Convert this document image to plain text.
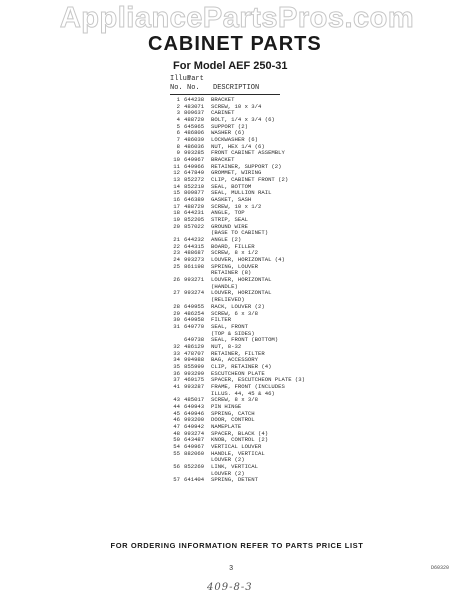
AppliancePartsPros.com
CABINET PARTS
For Model AEF 250-31
Illus
Part
No. No. DESCRIPTION
1 644238 BRACKET
2 483071 SCREW, 10 x 3/4
3 809637 CABINET
4 488720 BOLT, 1/4 x 3/4 (6)
5 645965 SUPPORT (2)
6 486806 WASHER (6)
7 486039 LOCKWASHER (6)
8 486036 NUT, HEX 1/4 (6)
9 993285 FRONT CABINET ASSEMBLY
10 649967 BRACKET
11 649966 RETAINER, SUPPORT (2)
12 647849 GROMMET, WIRING
13 852272 CLIP, CABINET FRONT (2)
14 852210 SEAL, BOTTOM
15 809877 SEAL, MULLION RAIL
16 646389 GASKET, SASH
17 488720 SCREW, 10 x 1/2
18 644231 ANGLE, TOP
19 852205 STRIP, SEAL
20 857022 GROUND WIRE
(BASE TO CABINET)
21 644232 ANGLE (2)
22 644315 BOARD, FILLER
23 488687 SCREW, 8 x 1/2
24 993273 LOUVER, HORIZONTAL (4)
25 861198 SPRING, LOUVER
RETAINER (8)
26 993271 LOUVER, HORIZONTAL
(HANDLE)
27 993274 LOUVER, HORIZONTAL
(RELIEVED)
28 649955 RACK, LOUVER (2)
29 486254 SCREW, 6 x 3/8
30 649958 FILTER
31 649770 SEAL, FRONT
(TOP & SIDES)
649738 SEAL, FRONT (BOTTOM)
32 486129 NUT, 8-32
33 478707 RETAINER, FILTER
34 994988 BAG, ACCESSORY
35 855999 CLIP, RETAINER (4)
36 993299 ESCUTCHEON PLATE
37 469175 SPACER, ESCUTCHEON PLATE (3)
41 993287 FRAME, FRONT (INCLUDES
ILLUS. 44, 45 & 46)
43 485017 SCREW, 8 x 3/8
44 649943 PIN HINGE
45 649946 SPRING, CATCH
46 993200 DOOR, CONTROL
47 649942 NAMEPLATE
48 993274 SPACER, BLACK (4)
50 643487 KNOB, CONTROL (2)
54 649967 VERTICAL LOUVER
55 882060 HANDLE, VERTICAL
LOUVER (2)
56 852269 LINK, VERTICAL
LOUVER (2)
57 641404 SPRING, DETENT
FOR ORDERING INFORMATION REFER TO PARTS PRICE LIST
3	D60320
409-8-3
